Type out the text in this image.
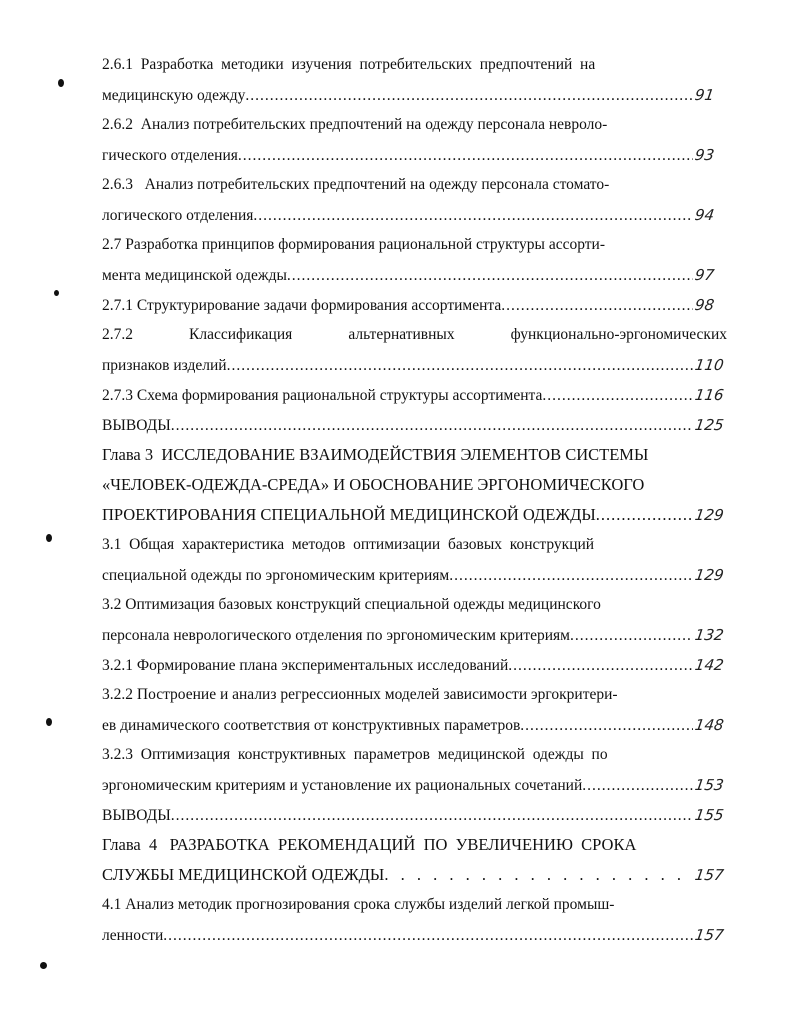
2.6.1  Разработка  методики  изучения  потребительских  предпочтений  на
медицинскую одежду .....	91
2.6.2  Анализ потребительских предпочтений на одежду персонала невроло-
гического отделения .....	93
2.6.3   Анализ потребительских предпочтений на одежду персонала стомато-
логического отделения .....	94
2.7 Разработка принципов формирования рациональной структуры ассорти-
мента медицинской одежды .....	97
2.7.1 Структурирование задачи формирования ассортимента .....	98
2.7.2	Классификация	альтернативных	функционально-эргономических
признаков изделий .....	110
2.7.3 Схема формирования рациональной структуры ассортимента .....	116
ВЫВОДЫ .....	125
Глава 3  ИССЛЕДОВАНИЕ ВЗАИМОДЕЙСТВИЯ ЭЛЕМЕНТОВ СИСТЕМЫ
«ЧЕЛОВЕК-ОДЕЖДА-СРЕДА» И ОБОСНОВАНИЕ ЭРГОНОМИЧЕСКОГО
ПРОЕКТИРОВАНИЯ СПЕЦИАЛЬНОЙ МЕДИЦИНСКОЙ ОДЕЖДЫ .....	129
3.1  Общая  характеристика  методов  оптимизации  базовых  конструкций
специальной одежды по эргономическим критериям .....	129
3.2 Оптимизация базовых конструкций специальной одежды медицинского
персонала неврологического отделения по эргономическим критериям .....	132
3.2.1 Формирование плана экспериментальных исследований .....	142
3.2.2 Построение и анализ регрессионных моделей зависимости эргокритери-
ев динамического соответствия от конструктивных параметров .....	148
3.2.3  Оптимизация  конструктивных  параметров  медицинской  одежды  по
эргономическим критериям и установление их рациональных сочетаний .....	153
ВЫВОДЫ .....	155
Глава  4   РАЗРАБОТКА  РЕКОМЕНДАЦИЙ  ПО  УВЕЛИЧЕНИЮ  СРОКА
СЛУЖБЫ МЕДИЦИНСКОЙ ОДЕЖДЫ . . .	157
4.1 Анализ методик прогнозирования срока службы изделий легкой промыш-
ленности .....	157
